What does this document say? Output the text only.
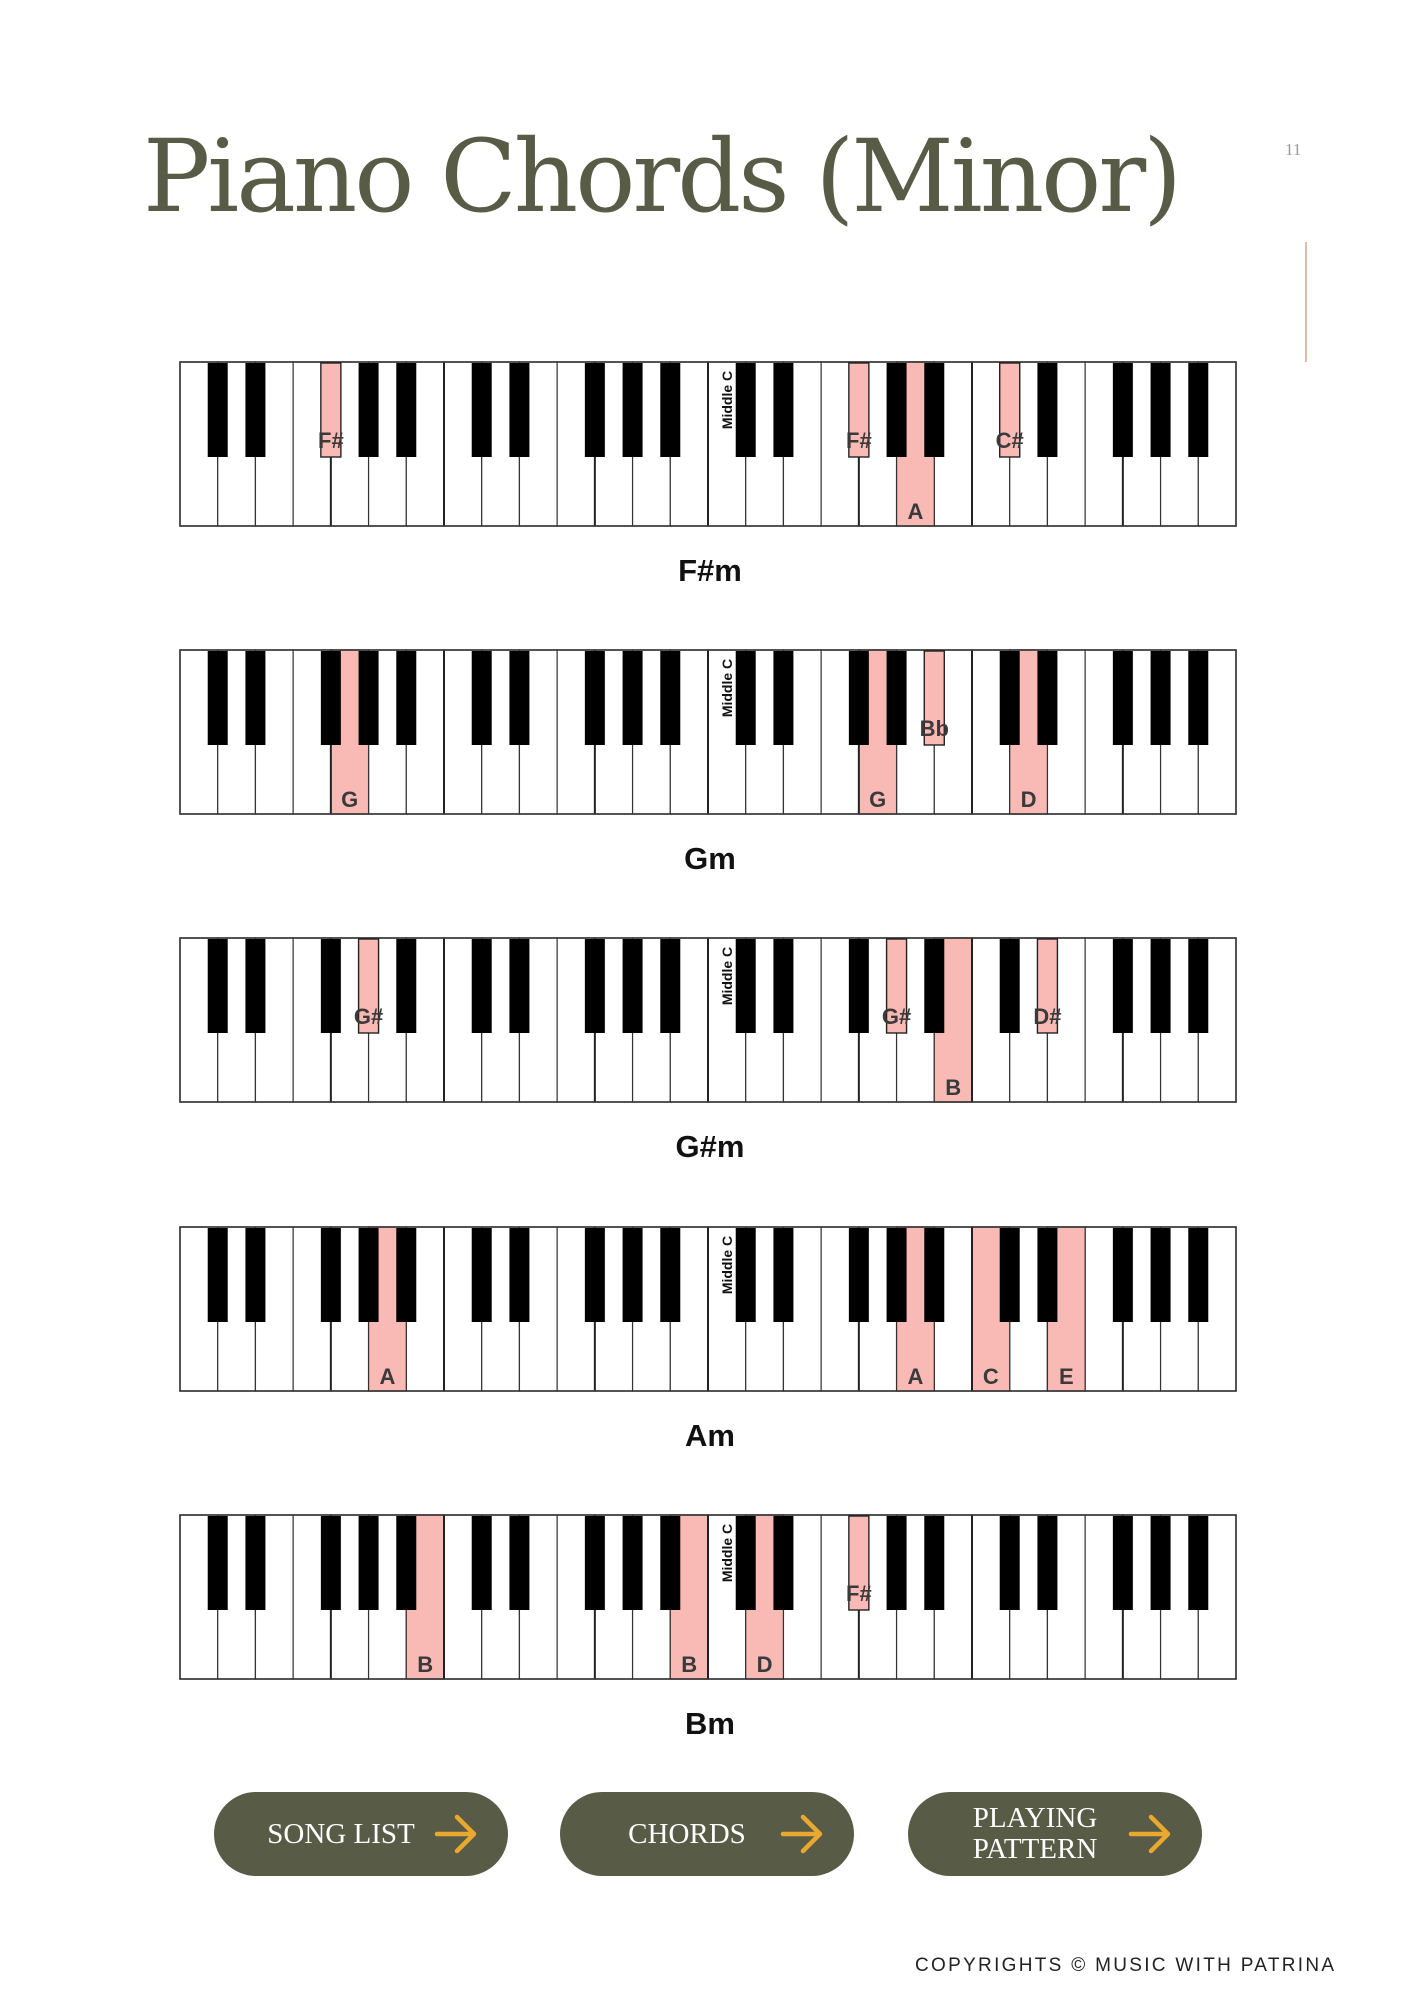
Piano Chords (Minor)	11
Middle C
A
F#	F#	C#
F#m
Middle C
G	G	D
Bb
Gm
Middle C
B
G#	G#	D#
G#m
Middle C
A	A	C	E
Am
Middle C
B	B	D
F#
Bm
SONG LIST	CHORDS	PLAYING PATTERN
COPYRIGHTS © MUSIC WITH PATRINA
